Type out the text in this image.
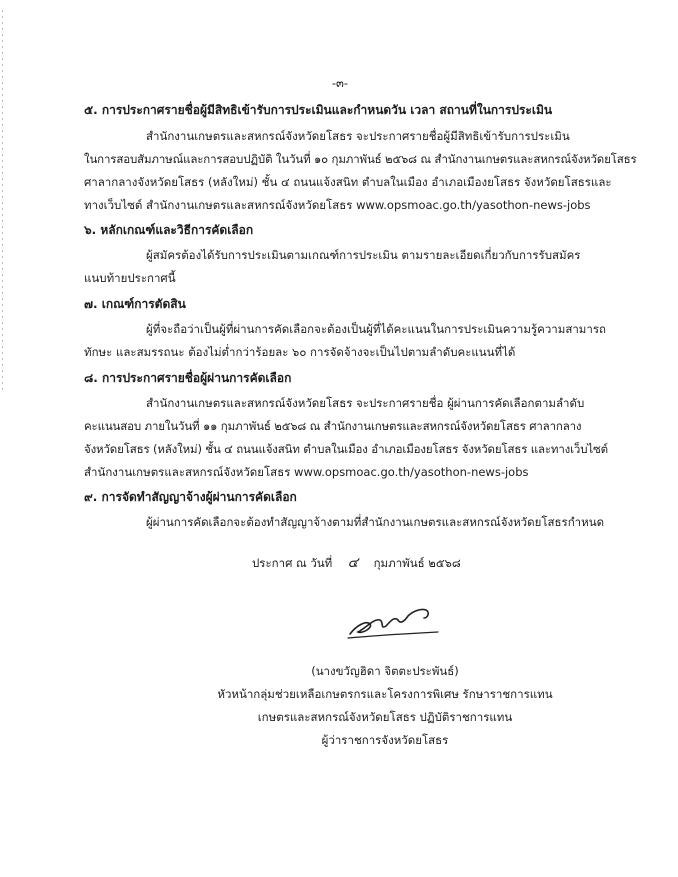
-๓-
๕. การประกาศรายชื่อผู้มีสิทธิเข้ารับการประเมินและกำหนดวัน เวลา สถานที่ในการประเมิน
สำนักงานเกษตรและสหกรณ์จังหวัดยโสธร จะประกาศรายชื่อผู้มีสิทธิเข้ารับการประเมิน
ในการสอบสัมภาษณ์และการสอบปฏิบัติ ในวันที่ ๑๐ กุมภาพันธ์ ๒๕๖๘ ณ สำนักงานเกษตรและสหกรณ์จังหวัดยโสธร
ศาลากลางจังหวัดยโสธร (หลังใหม่) ชั้น ๔ ถนนแจ้งสนิท ตำบลในเมือง อำเภอเมืองยโสธร จังหวัดยโสธรและ
ทางเว็บไซต์ สำนักงานเกษตรและสหกรณ์จังหวัดยโสธร www.opsmoac.go.th/yasothon-news-jobs
๖. หลักเกณฑ์และวิธีการคัดเลือก
ผู้สมัครต้องได้รับการประเมินตามเกณฑ์การประเมิน ตามรายละเอียดเกี่ยวกับการรับสมัคร
แนบท้ายประกาศนี้
๗. เกณฑ์การตัดสิน
ผู้ที่จะถือว่าเป็นผู้ที่ผ่านการคัดเลือกจะต้องเป็นผู้ที่ได้คะแนนในการประเมินความรู้ความสามารถ
ทักษะ และสมรรถนะ ต้องไม่ต่ำกว่าร้อยละ ๖๐ การจัดจ้างจะเป็นไปตามลำดับคะแนนที่ได้
๘. การประกาศรายชื่อผู้ผ่านการคัดเลือก
สำนักงานเกษตรและสหกรณ์จังหวัดยโสธร จะประกาศรายชื่อ ผู้ผ่านการคัดเลือกตามลำดับ
คะแนนสอบ ภายในวันที่ ๑๑ กุมภาพันธ์ ๒๕๖๘ ณ สำนักงานเกษตรและสหกรณ์จังหวัดยโสธร ศาลากลาง
จังหวัดยโสธร (หลังใหม่) ชั้น ๔ ถนนแจ้งสนิท ตำบลในเมือง อำเภอเมืองยโสธร จังหวัดยโสธร และทางเว็บไซต์
สำนักงานเกษตรและสหกรณ์จังหวัดยโสธร www.opsmoac.go.th/yasothon-news-jobs
๙. การจัดทำสัญญาจ้างผู้ผ่านการคัดเลือก
ผู้ผ่านการคัดเลือกจะต้องทำสัญญาจ้างตามที่สำนักงานเกษตรและสหกรณ์จังหวัดยโสธรกำหนด
ประกาศ ณ วันที่ ๔ กุมภาพันธ์ ๒๕๖๘
(นางขวัญฮิดา จิตตะประพันธ์)
หัวหน้ากลุ่มช่วยเหลือเกษตรกรและโครงการพิเศษ รักษาราชการแทน
เกษตรและสหกรณ์จังหวัดยโสธร ปฏิบัติราชการแทน
ผู้ว่าราชการจังหวัดยโสธร
